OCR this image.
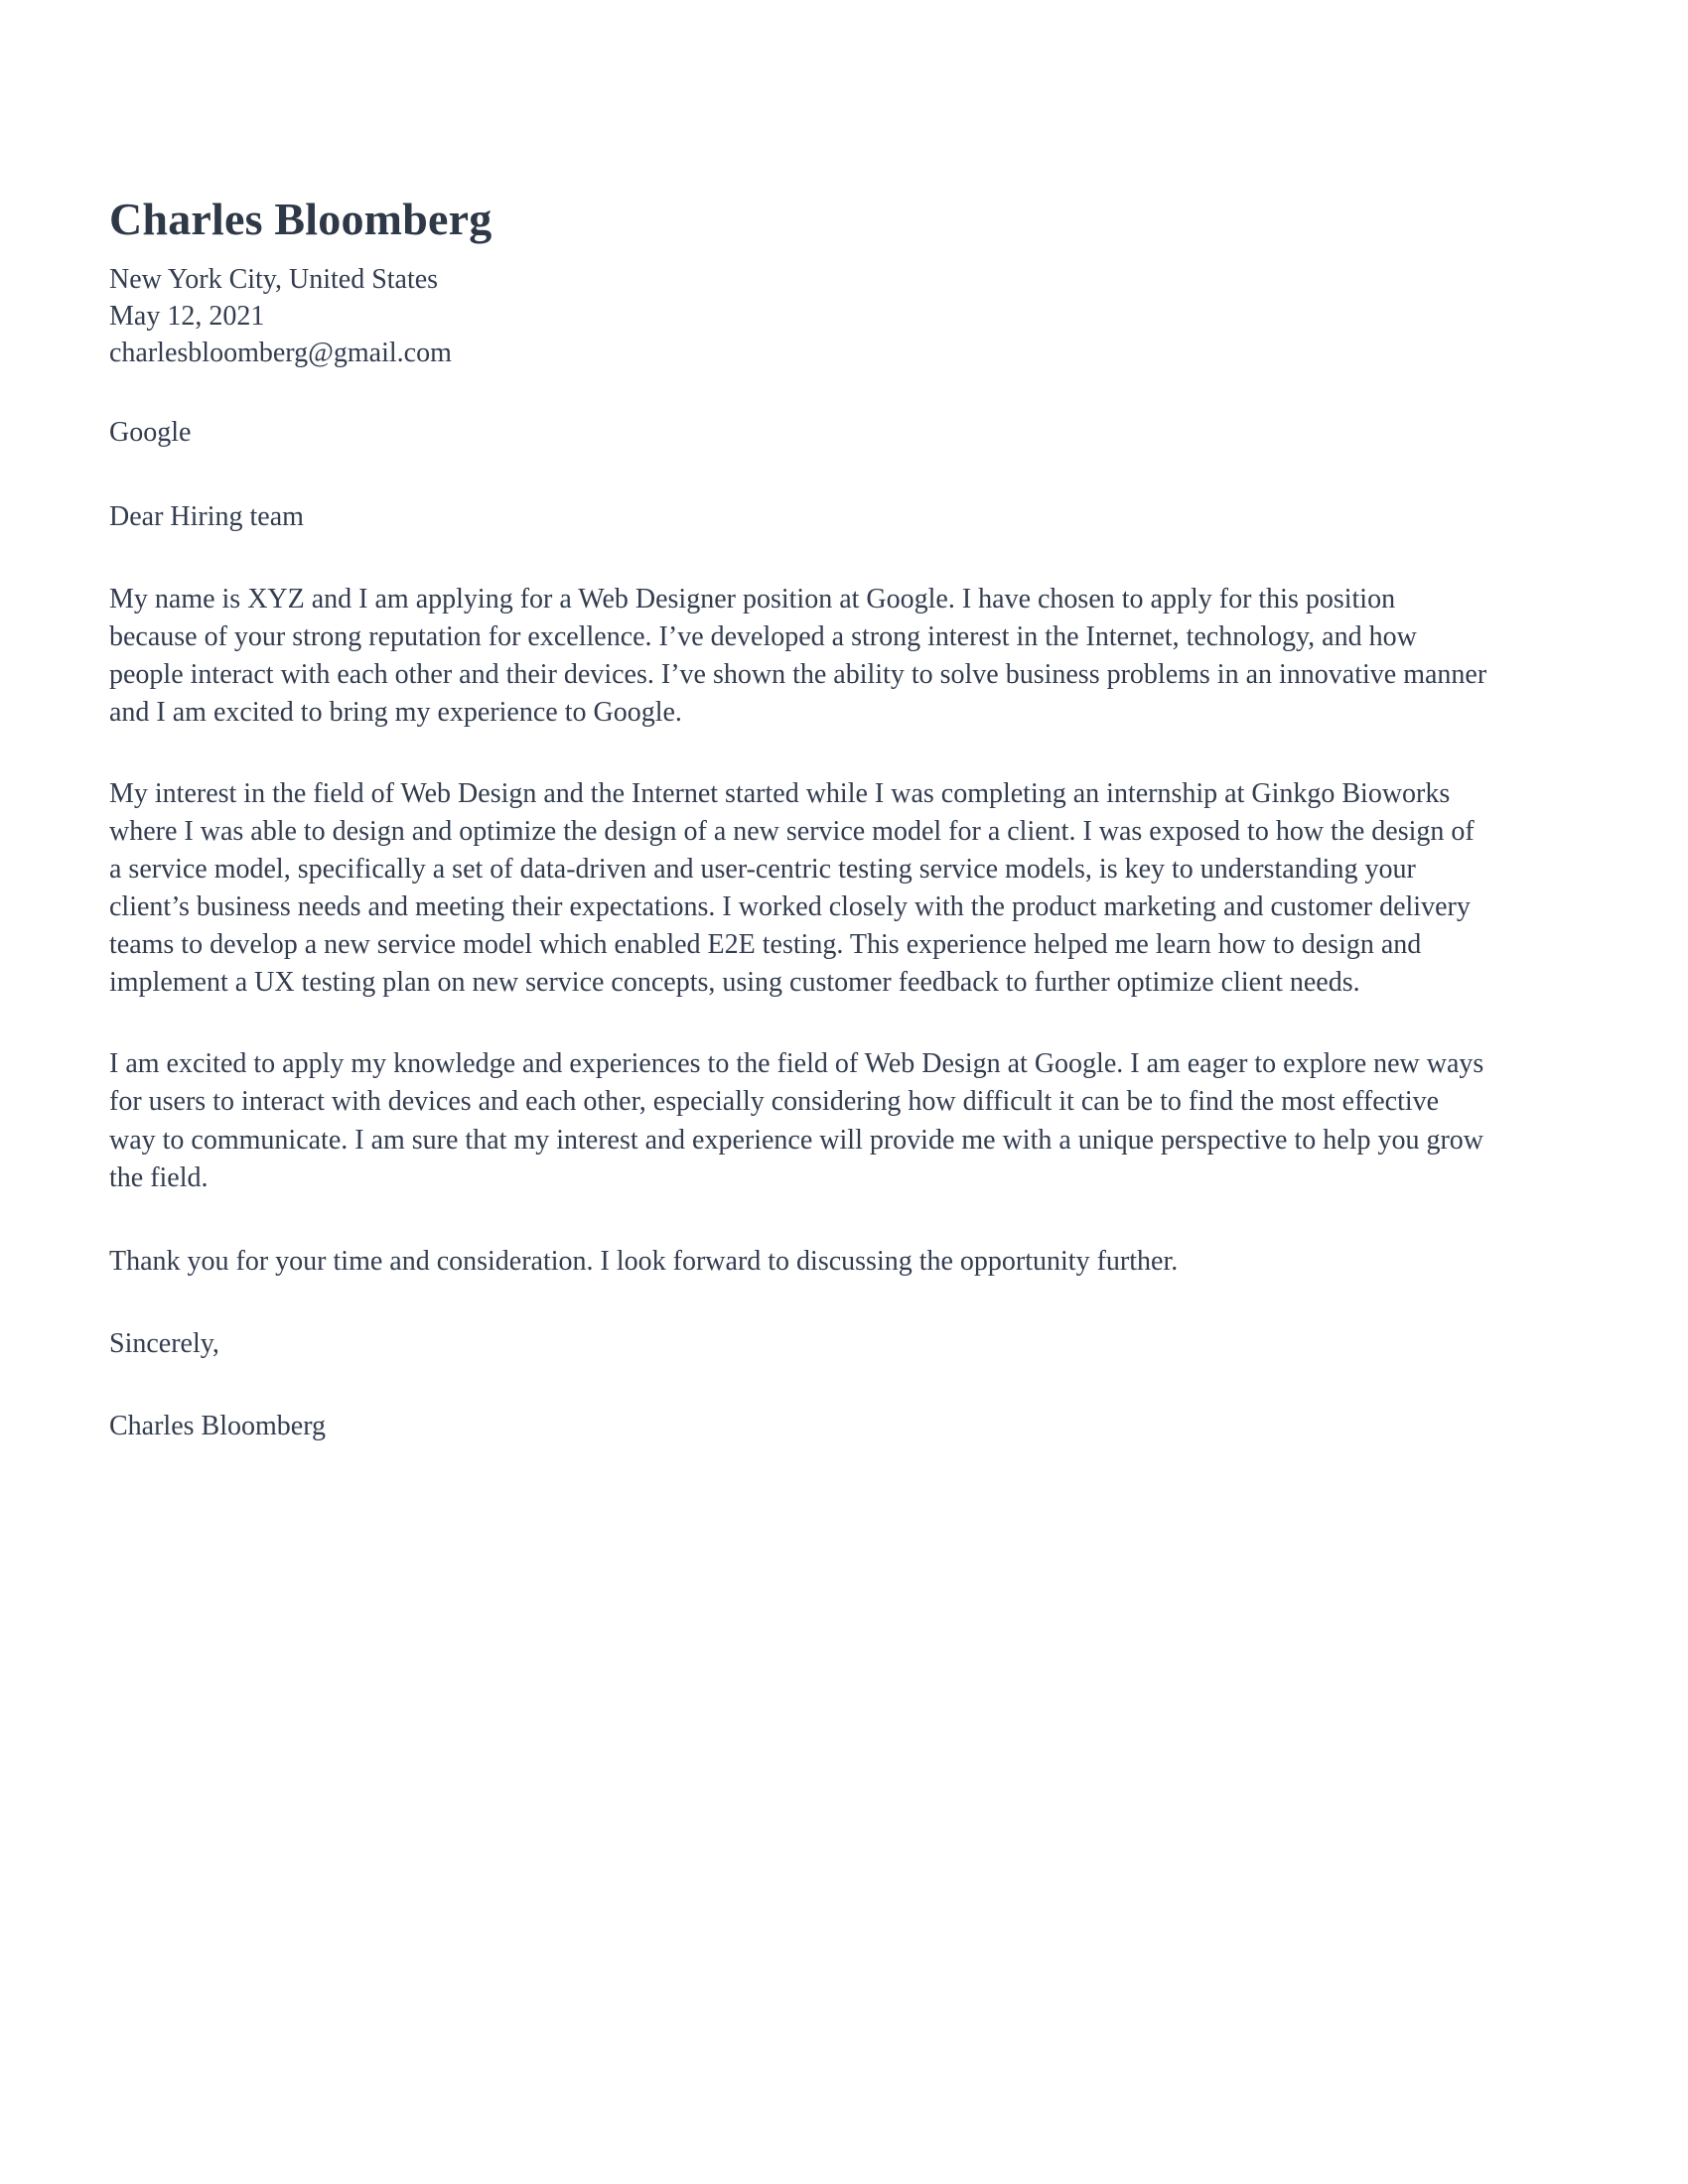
Charles Bloomberg
New York City, United States
May 12, 2021
charlesbloomberg@gmail.com

Google

Dear Hiring team

My name is XYZ and I am applying for a Web Designer position at Google. I have chosen to apply for this position because of your strong reputation for excellence. I’ve developed a strong interest in the Internet, technology, and how people interact with each other and their devices. I’ve shown the ability to solve business problems in an innovative manner and I am excited to bring my experience to Google.

My interest in the field of Web Design and the Internet started while I was completing an internship at Ginkgo Bioworks where I was able to design and optimize the design of a new service model for a client. I was exposed to how the design of a service model, specifically a set of data-driven and user-centric testing service models, is key to understanding your client’s business needs and meeting their expectations. I worked closely with the product marketing and customer delivery teams to develop a new service model which enabled E2E testing. This experience helped me learn how to design and implement a UX testing plan on new service concepts, using customer feedback to further optimize client needs.

I am excited to apply my knowledge and experiences to the field of Web Design at Google. I am eager to explore new ways for users to interact with devices and each other, especially considering how difficult it can be to find the most effective way to communicate. I am sure that my interest and experience will provide me with a unique perspective to help you grow the field.

Thank you for your time and consideration. I look forward to discussing the opportunity further.

Sincerely,

Charles Bloomberg
